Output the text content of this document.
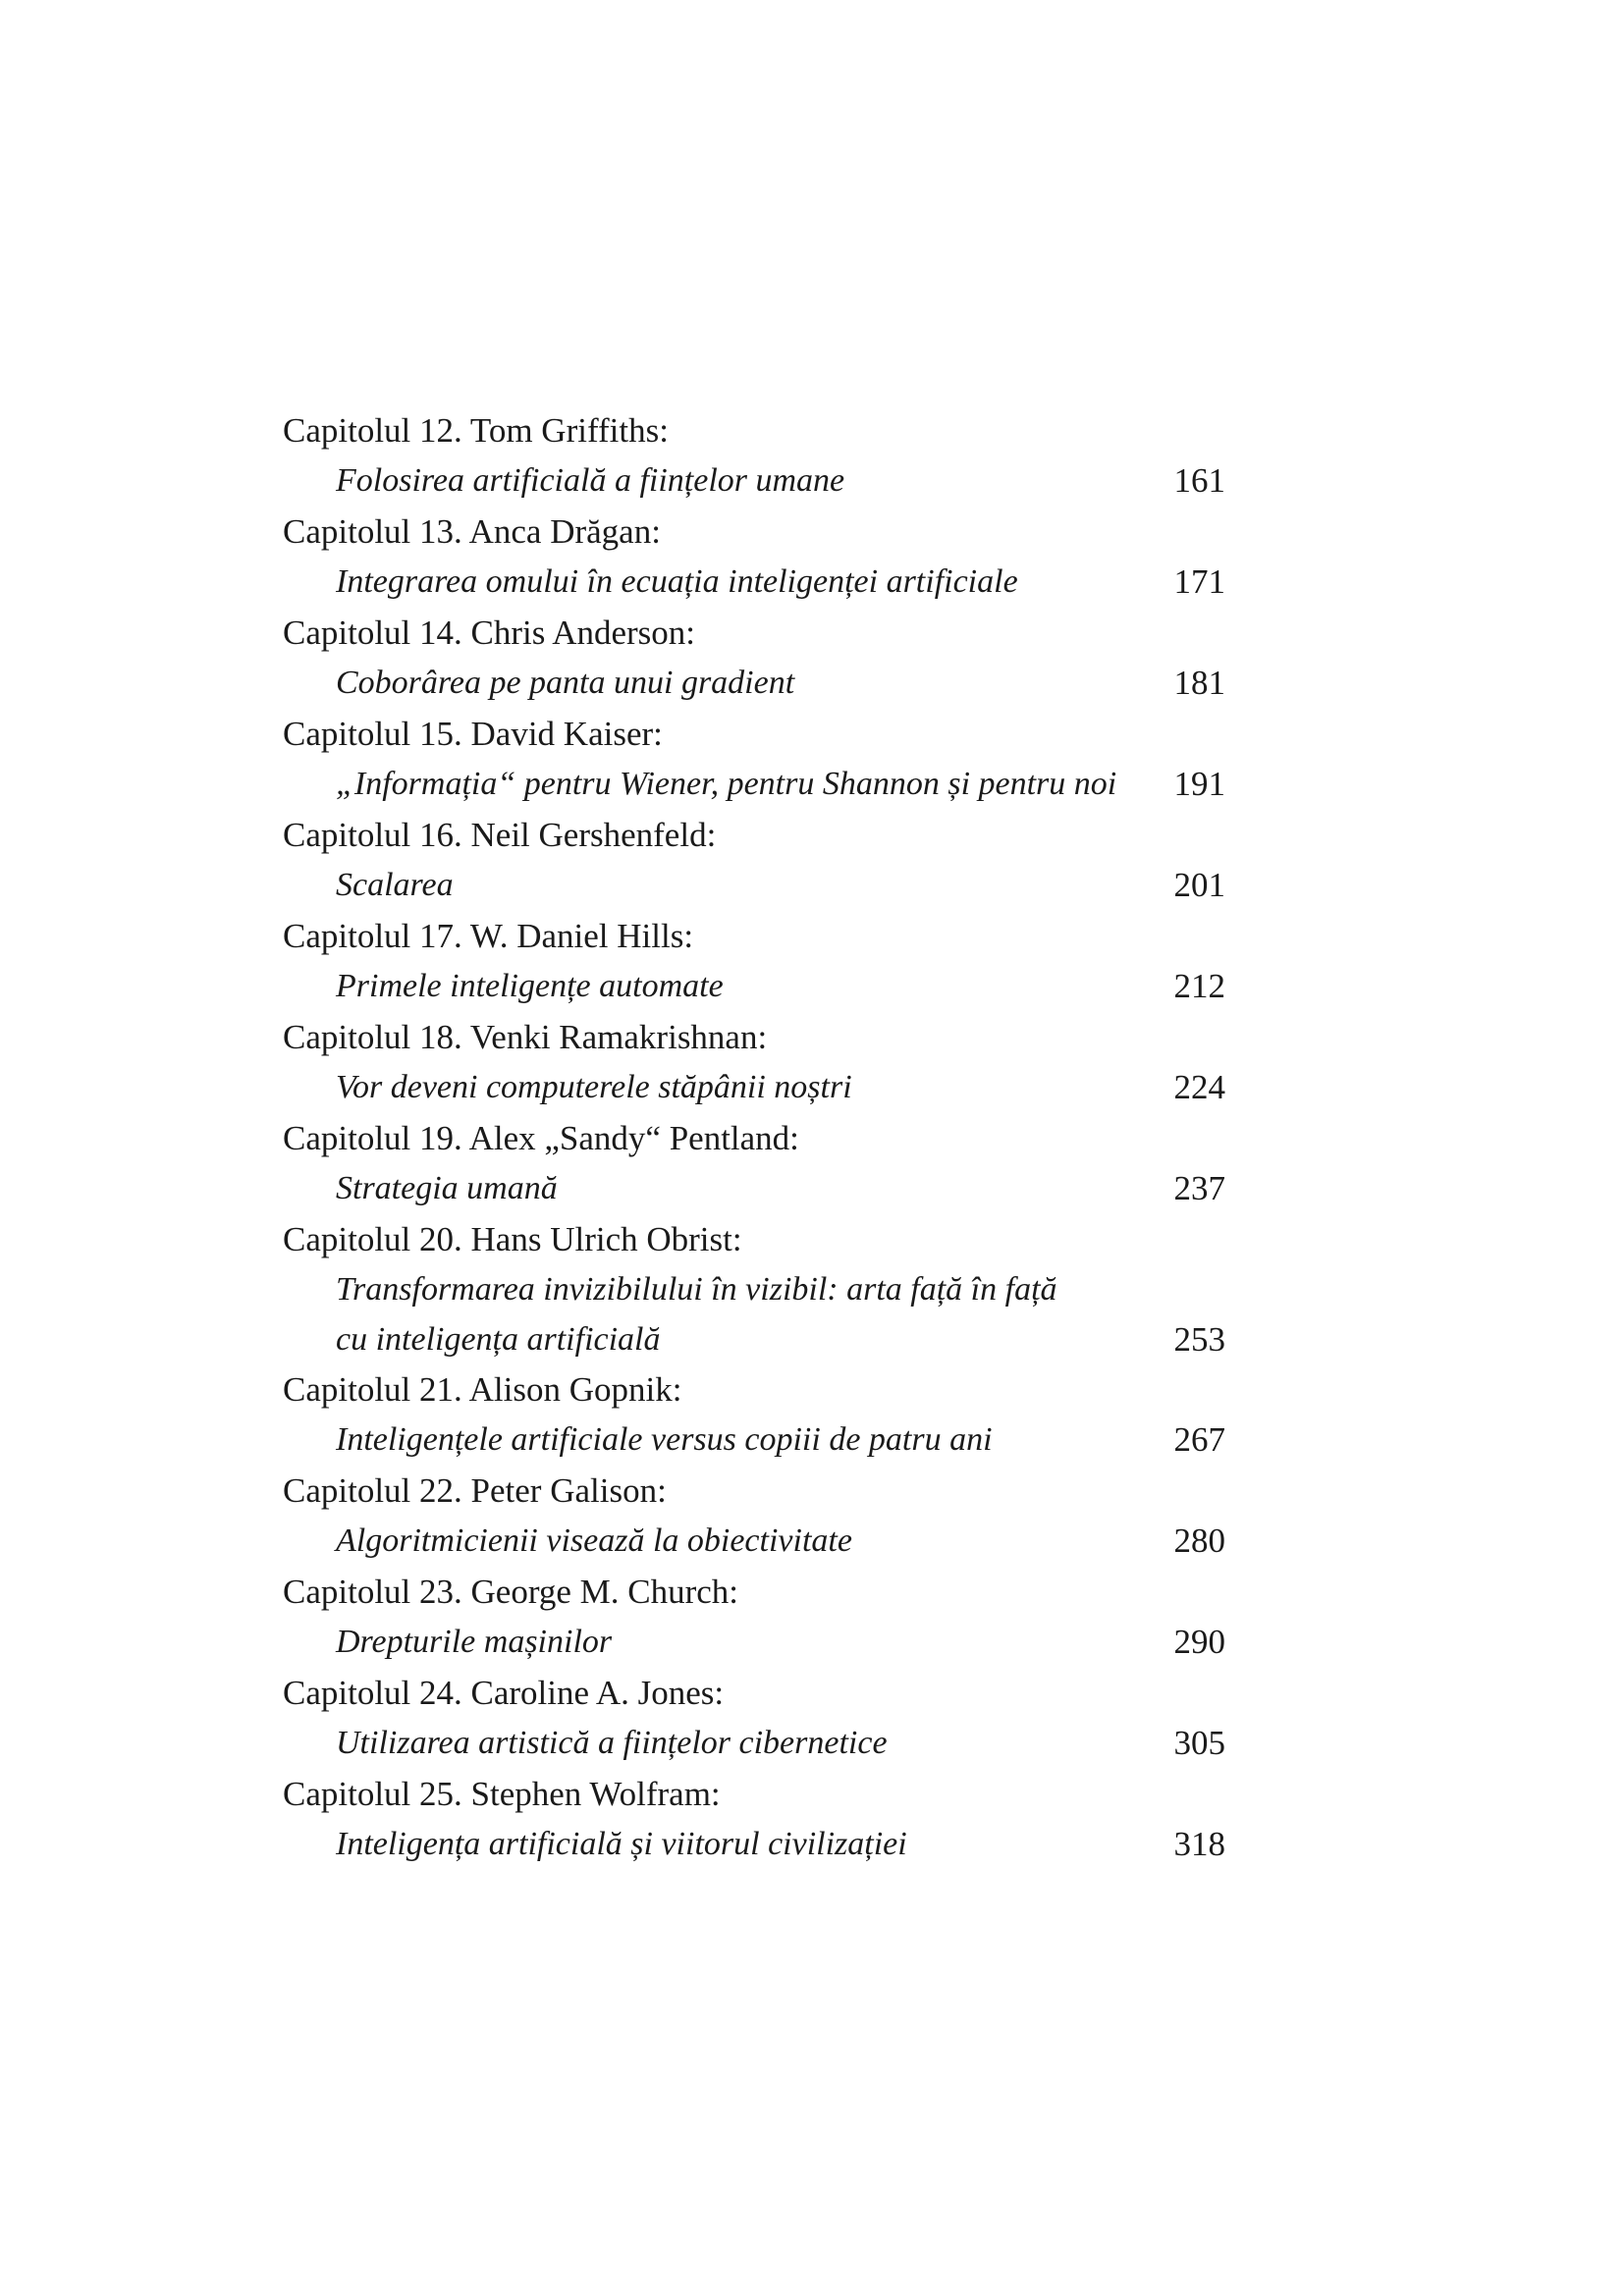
Capitolul 12. Tom Griffiths:
Folosirea artificială a ființelor umane	161
Capitolul 13. Anca Drăgan:
Integrarea omului în ecuația inteligenței artificiale	171
Capitolul 14. Chris Anderson:
Coborârea pe panta unui gradient	181
Capitolul 15. David Kaiser:
„Informația“ pentru Wiener, pentru Shannon și pentru noi 191
Capitolul 16. Neil Gershenfeld:
Scalarea	201
Capitolul 17. W. Daniel Hills:
Primele inteligențe automate	212
Capitolul 18. Venki Ramakrishnan:
Vor deveni computerele stăpânii noștri	224
Capitolul 19. Alex „Sandy“ Pentland:
Strategia umană	237
Capitolul 20. Hans Ulrich Obrist:
Transformarea invizibilului în vizibil: arta față în față
cu inteligența artificială	253
Capitolul 21. Alison Gopnik:
Inteligențele artificiale versus copiii de patru ani	267
Capitolul 22. Peter Galison:
Algoritmicienii visează la obiectivitate	280
Capitolul 23. George M. Church:
Drepturile mașinilor	290
Capitolul 24. Caroline A. Jones:
Utilizarea artistică a ființelor cibernetice	305
Capitolul 25. Stephen Wolfram:
Inteligența artificială și viitorul civilizației	318
